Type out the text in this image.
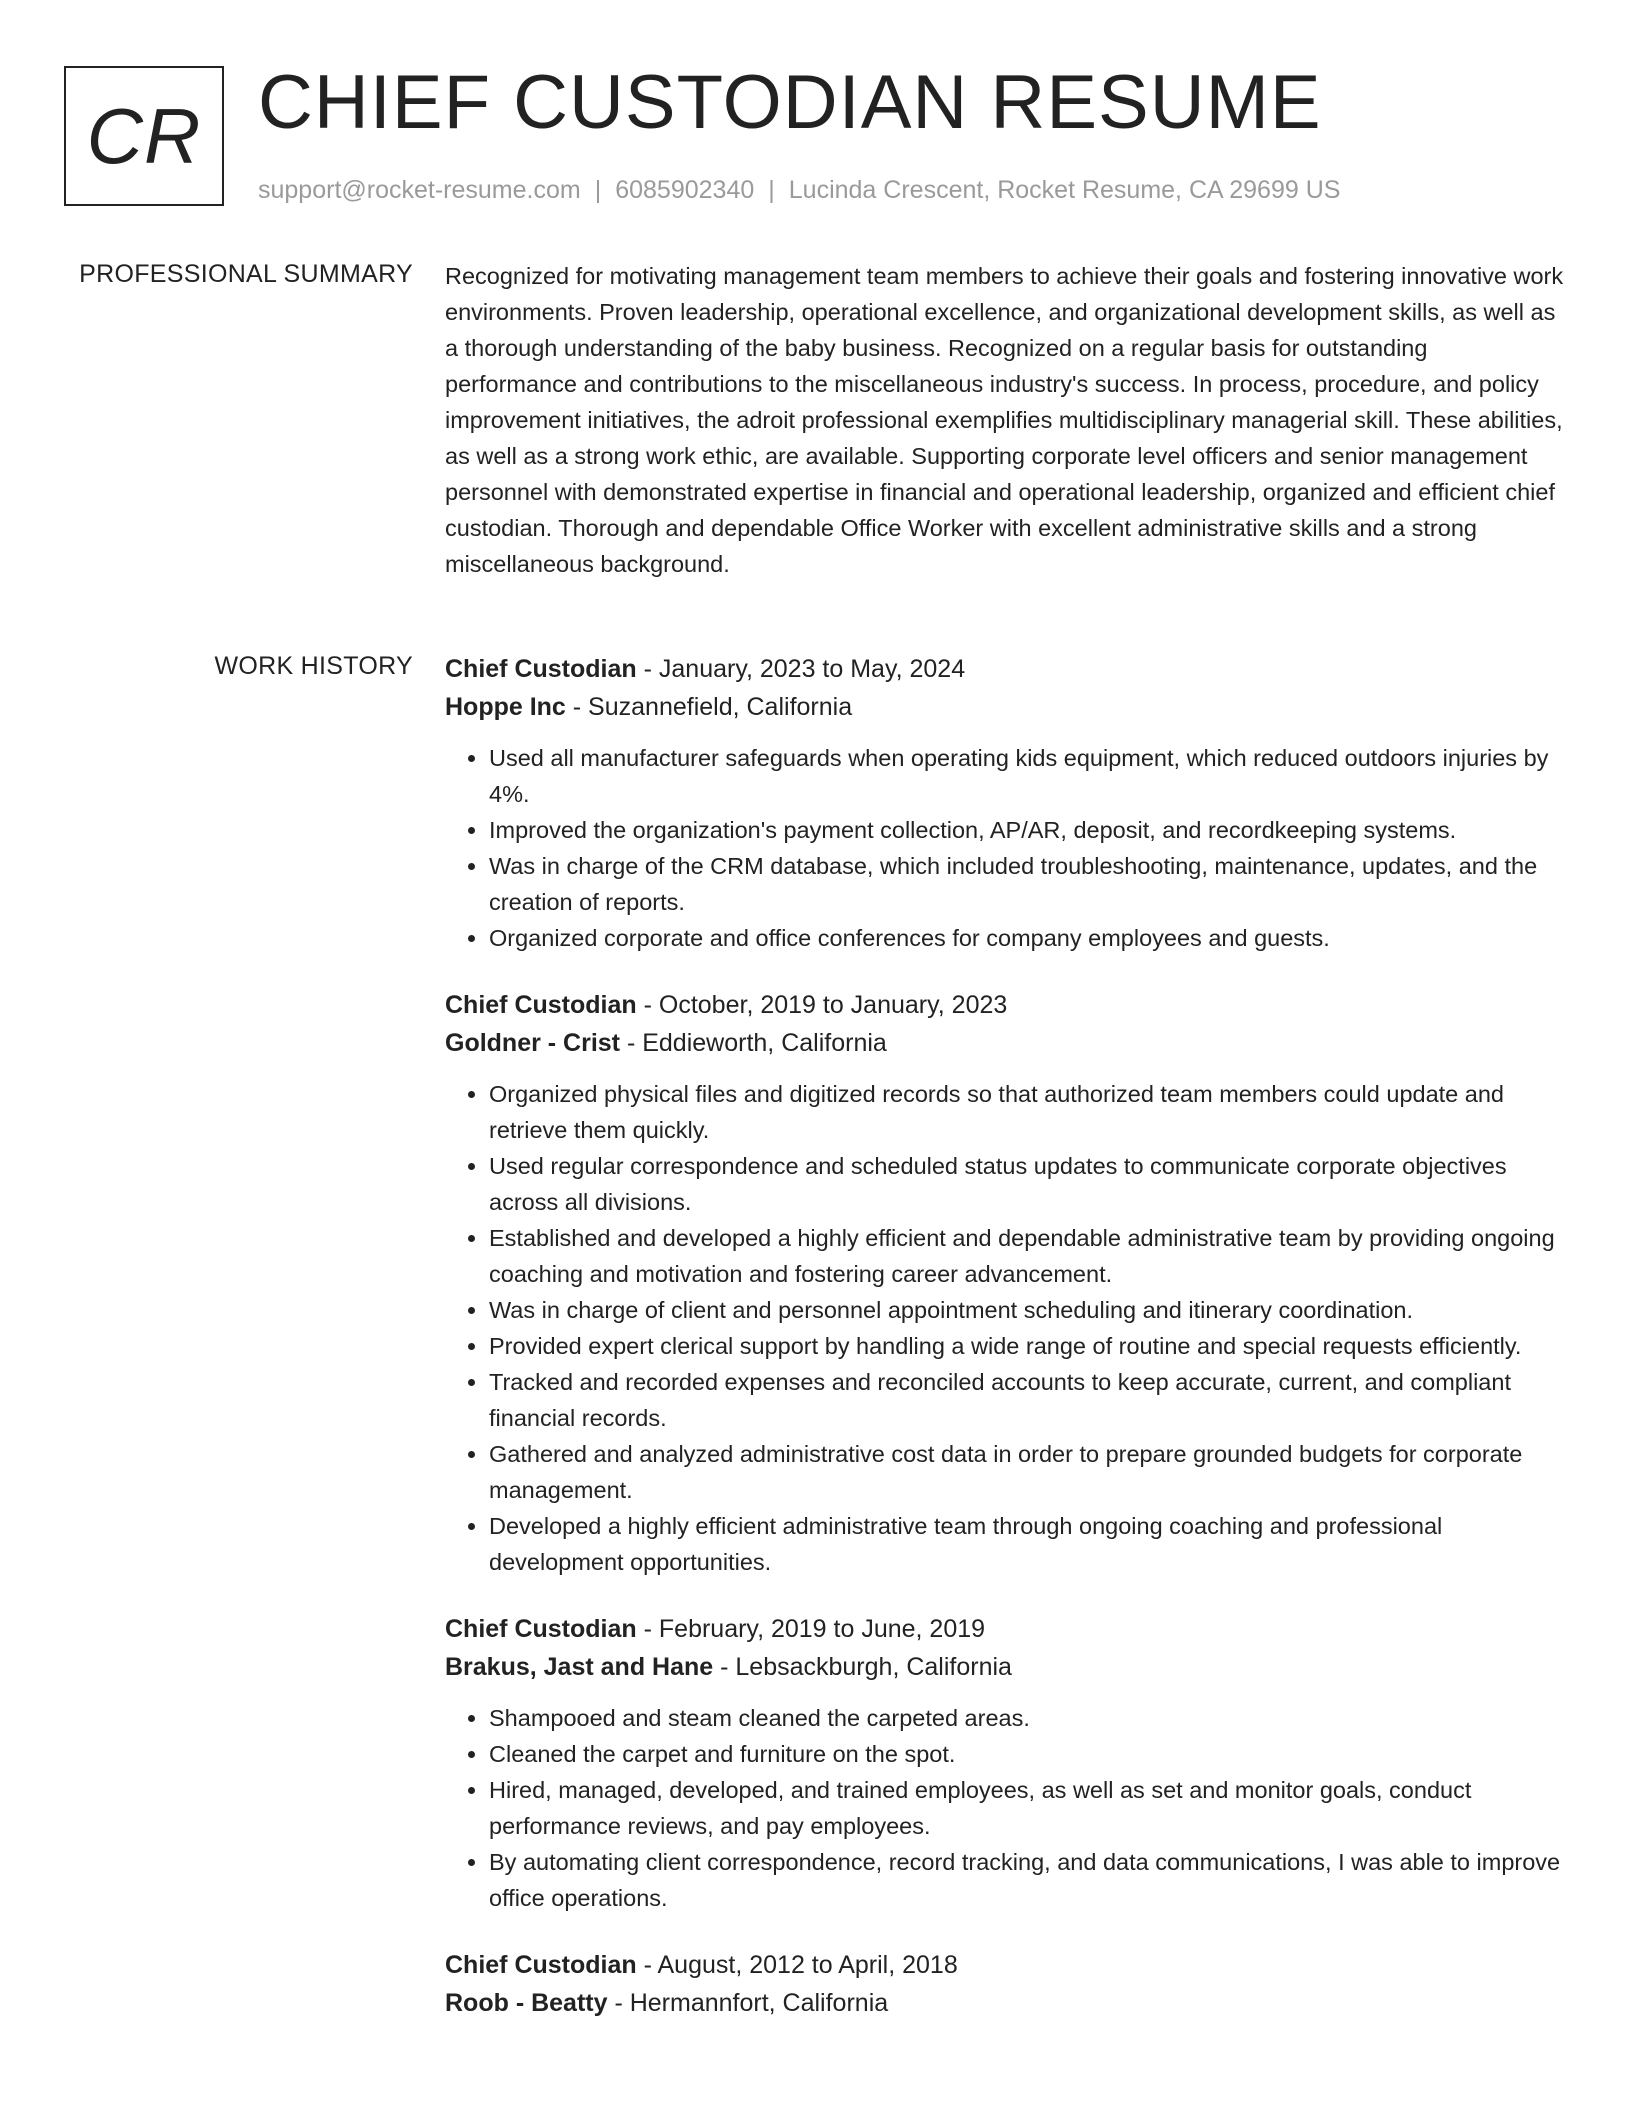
CR CHIEF CUSTODIAN RESUME
support@rocket-resume.com | 6085902340 | Lucinda Crescent, Rocket Resume, CA 29699 US
PROFESSIONAL SUMMARY Recognized for motivating management team members to achieve their goals and fostering innovative work environments. Proven leadership, operational excellence, and organizational development skills, as well as a thorough understanding of the baby business. Recognized on a regular basis for outstanding performance and contributions to the miscellaneous industry's success. In process, procedure, and policy improvement initiatives, the adroit professional exemplifies multidisciplinary managerial skill. These abilities, as well as a strong work ethic, are available. Supporting corporate level officers and senior management personnel with demonstrated expertise in financial and operational leadership, organized and efficient chief custodian. Thorough and dependable Office Worker with excellent administrative skills and a strong miscellaneous background.

WORK HISTORY Chief Custodian - January, 2023 to May, 2024
Hoppe Inc - Suzannefield, California
• Used all manufacturer safeguards when operating kids equipment, which reduced outdoors injuries by 4%.
• Improved the organization's payment collection, AP/AR, deposit, and recordkeeping systems.
• Was in charge of the CRM database, which included troubleshooting, maintenance, updates, and the creation of reports.
• Organized corporate and office conferences for company employees and guests.
Chief Custodian - October, 2019 to January, 2023
Goldner - Crist - Eddieworth, California
• Organized physical files and digitized records so that authorized team members could update and retrieve them quickly.
• Used regular correspondence and scheduled status updates to communicate corporate objectives across all divisions.
• Established and developed a highly efficient and dependable administrative team by providing ongoing coaching and motivation and fostering career advancement.
• Was in charge of client and personnel appointment scheduling and itinerary coordination.
• Provided expert clerical support by handling a wide range of routine and special requests efficiently.
• Tracked and recorded expenses and reconciled accounts to keep accurate, current, and compliant financial records.
• Gathered and analyzed administrative cost data in order to prepare grounded budgets for corporate management.
• Developed a highly efficient administrative team through ongoing coaching and professional development opportunities.
Chief Custodian - February, 2019 to June, 2019
Brakus, Jast and Hane - Lebsackburgh, California
• Shampooed and steam cleaned the carpeted areas.
• Cleaned the carpet and furniture on the spot.
• Hired, managed, developed, and trained employees, as well as set and monitor goals, conduct performance reviews, and pay employees.
• By automating client correspondence, record tracking, and data communications, I was able to improve office operations.
Chief Custodian - August, 2012 to April, 2018
Roob - Beatty - Hermannfort, California
